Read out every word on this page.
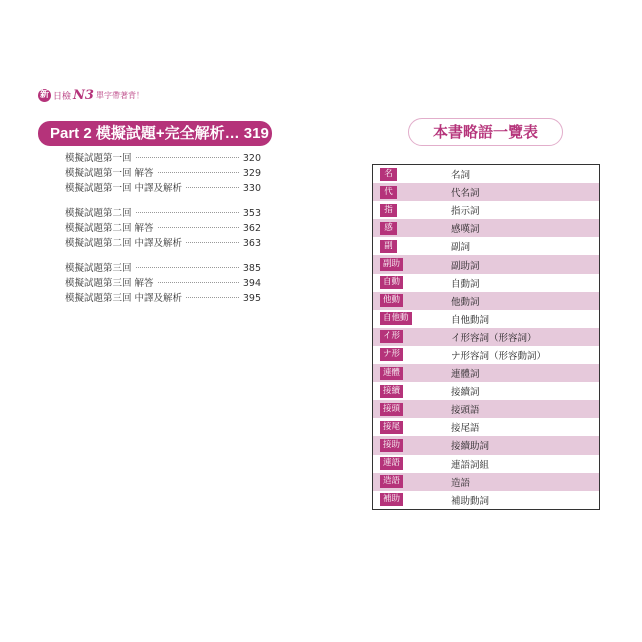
新 日檢 N3 單字帶著背！
Part 2 模擬試題+完全解析… 319
模擬試題第一回	320
模擬試題第一回 解答	329
模擬試題第一回 中譯及解析	330
模擬試題第二回	353
模擬試題第二回 解答	362
模擬試題第二回 中譯及解析	363
模擬試題第三回	385
模擬試題第三回 解答	394
模擬試題第三回 中譯及解析	395
本書略語一覽表
名	名詞
代	代名詞
指	指示詞
感	感嘆詞
副	副詞
副助	副助詞
自動	自動詞
他動	他動詞
自他動	自他動詞
イ形	イ形容詞（形容詞）
ナ形	ナ形容詞（形容動詞）
連體	連體詞
接續	接續詞
接頭	接頭語
接尾	接尾語
接助	接續助詞
連語	連語詞組
造語	造語
補助	補助動詞
